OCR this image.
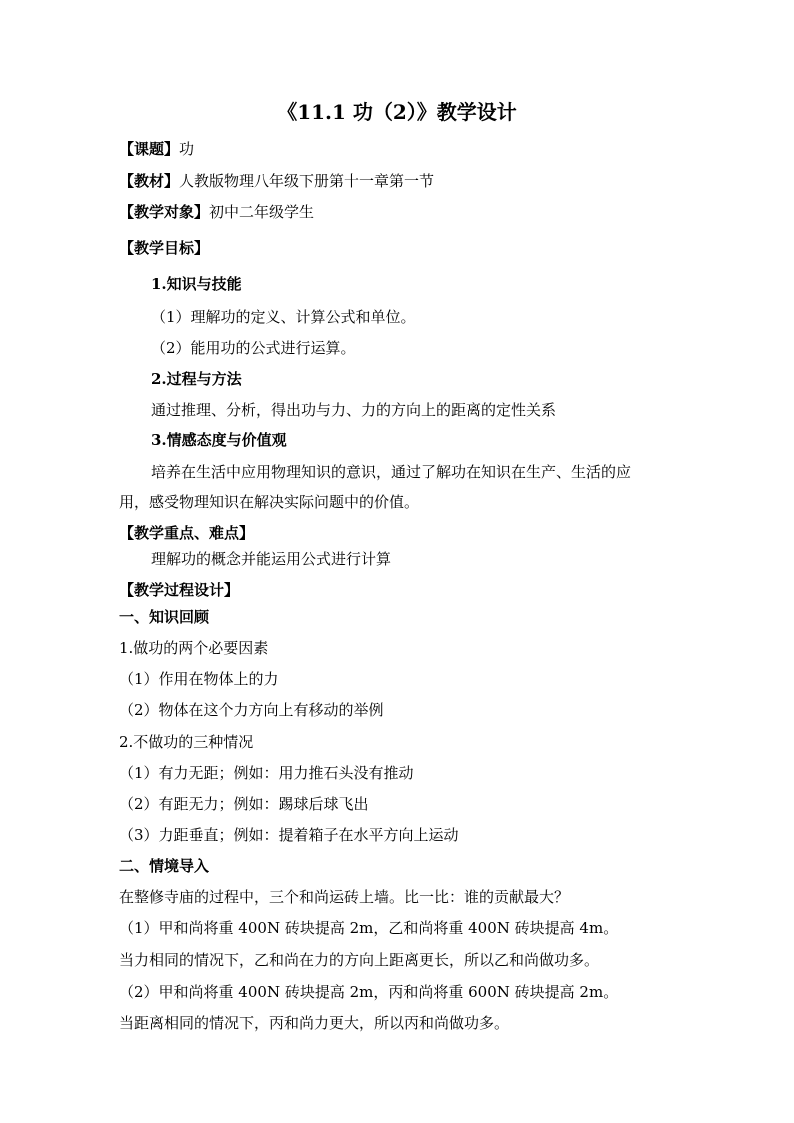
《11.1 功（2）》教学设计
【课题】功
【教材】人教版物理八年级下册第十一章第一节
【教学对象】初中二年级学生
【教学目标】
1.知识与技能
（1）理解功的定义、计算公式和单位。
（2）能用功的公式进行运算。
2.过程与方法
通过推理、分析，得出功与力、力的方向上的距离的定性关系
3.情感态度与价值观
培养在生活中应用物理知识的意识，通过了解功在知识在生产、生活的应
用，感受物理知识在解决实际问题中的价值。
【教学重点、难点】
理解功的概念并能运用公式进行计算
【教学过程设计】
一、知识回顾
1.做功的两个必要因素
（1）作用在物体上的力
（2）物体在这个力方向上有移动的举例
2.不做功的三种情况
（1）有力无距；例如：用力推石头没有推动
（2）有距无力；例如：踢球后球飞出
（3）力距垂直；例如：提着箱子在水平方向上运动
二、情境导入
在整修寺庙的过程中，三个和尚运砖上墙。比一比：谁的贡献最大？
（1）甲和尚将重 400N 砖块提高 2m，乙和尚将重 400N 砖块提高 4m。
当力相同的情况下，乙和尚在力的方向上距离更长，所以乙和尚做功多。
（2）甲和尚将重 400N 砖块提高 2m，丙和尚将重 600N 砖块提高 2m。
当距离相同的情况下，丙和尚力更大，所以丙和尚做功多。
